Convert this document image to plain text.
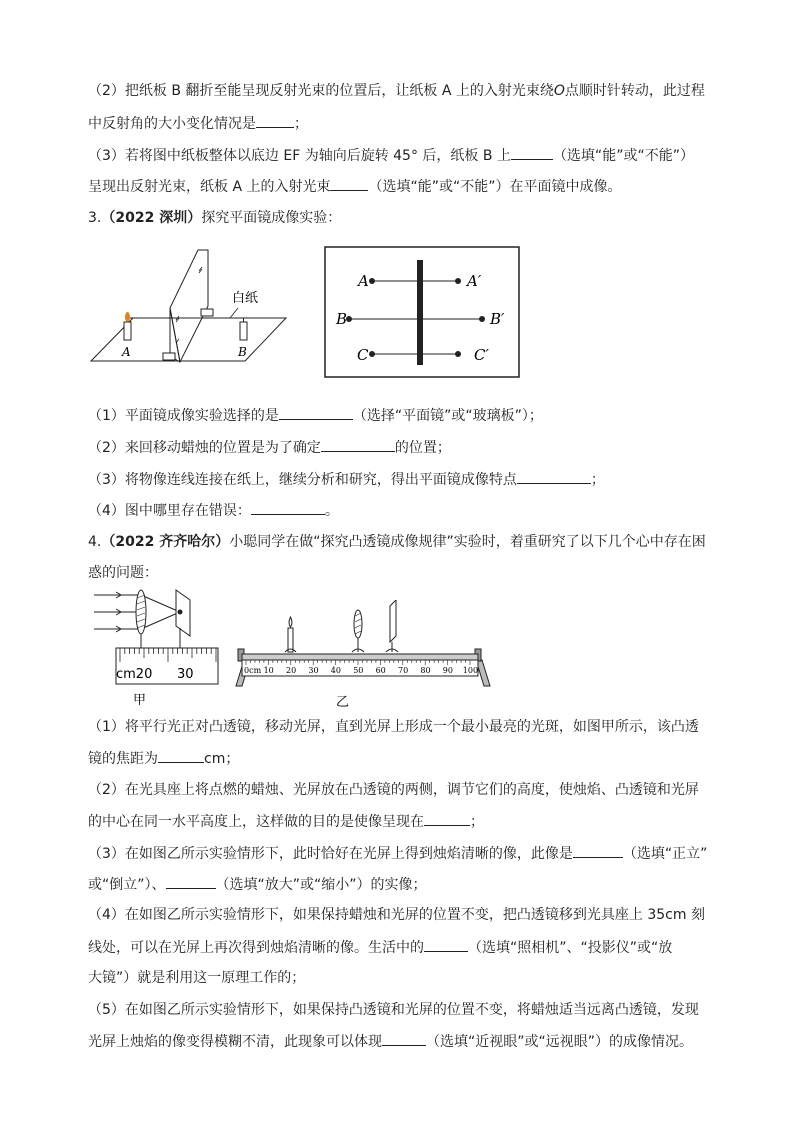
（2）把纸板 B 翻折至能呈现反射光束的位置后，让纸板 A 上的入射光束绕O点顺时针转动，此过程
中反射角的大小变化情况是	；
（3）若将图中纸板整体以底边 EF 为轴向后旋转 45° 后，纸板 B 上	（选填“能”或“不能”）
呈现出反射光束，纸板 A 上的入射光束	（选填“能”或“不能”）在平面镜中成像。
3.（2022 深圳）探究平面镜成像实验：
白纸
A	B
A
B
C
A′
B′
C′
（1）平面镜成像实验选择的是	（选择“平面镜”或“玻璃板”）；
（2）来回移动蜡烛的位置是为了确定	的位置；
（3）将物像连线连接在纸上，继续分析和研究，得出平面镜成像特点	；
（4）图中哪里存在错误：	。
4.（2022 齐齐哈尔）小聪同学在做“探究凸透镜成像规律”实验时，着重研究了以下几个心中存在困
惑的问题：
cm20 30
甲
0cm 10 20 30 40 50 60 70 80 90 100
乙
（1）将平行光正对凸透镜，移动光屏，直到光屏上形成一个最小最亮的光斑，如图甲所示，该凸透
镜的焦距为	cm；
（2）在光具座上将点燃的蜡烛、光屏放在凸透镜的两侧，调节它们的高度，使烛焰、凸透镜和光屏
的中心在同一水平高度上，这样做的目的是使像呈现在	；
（3）在如图乙所示实验情形下，此时恰好在光屏上得到烛焰清晰的像，此像是	（选填“正立”
或“倒立”）、	（选填“放大”或“缩小”）的实像；
（4）在如图乙所示实验情形下，如果保持蜡烛和光屏的位置不变，把凸透镜移到光具座上 35cm 刻
线处，可以在光屏上再次得到烛焰清晰的像。生活中的	（选填“照相机”、“投影仪”或“放
大镜”）就是利用这一原理工作的；
（5）在如图乙所示实验情形下，如果保持凸透镜和光屏的位置不变，将蜡烛适当远离凸透镜，发现
光屏上烛焰的像变得模糊不清，此现象可以体现	（选填“近视眼”或“远视眼”）的成像情况。
